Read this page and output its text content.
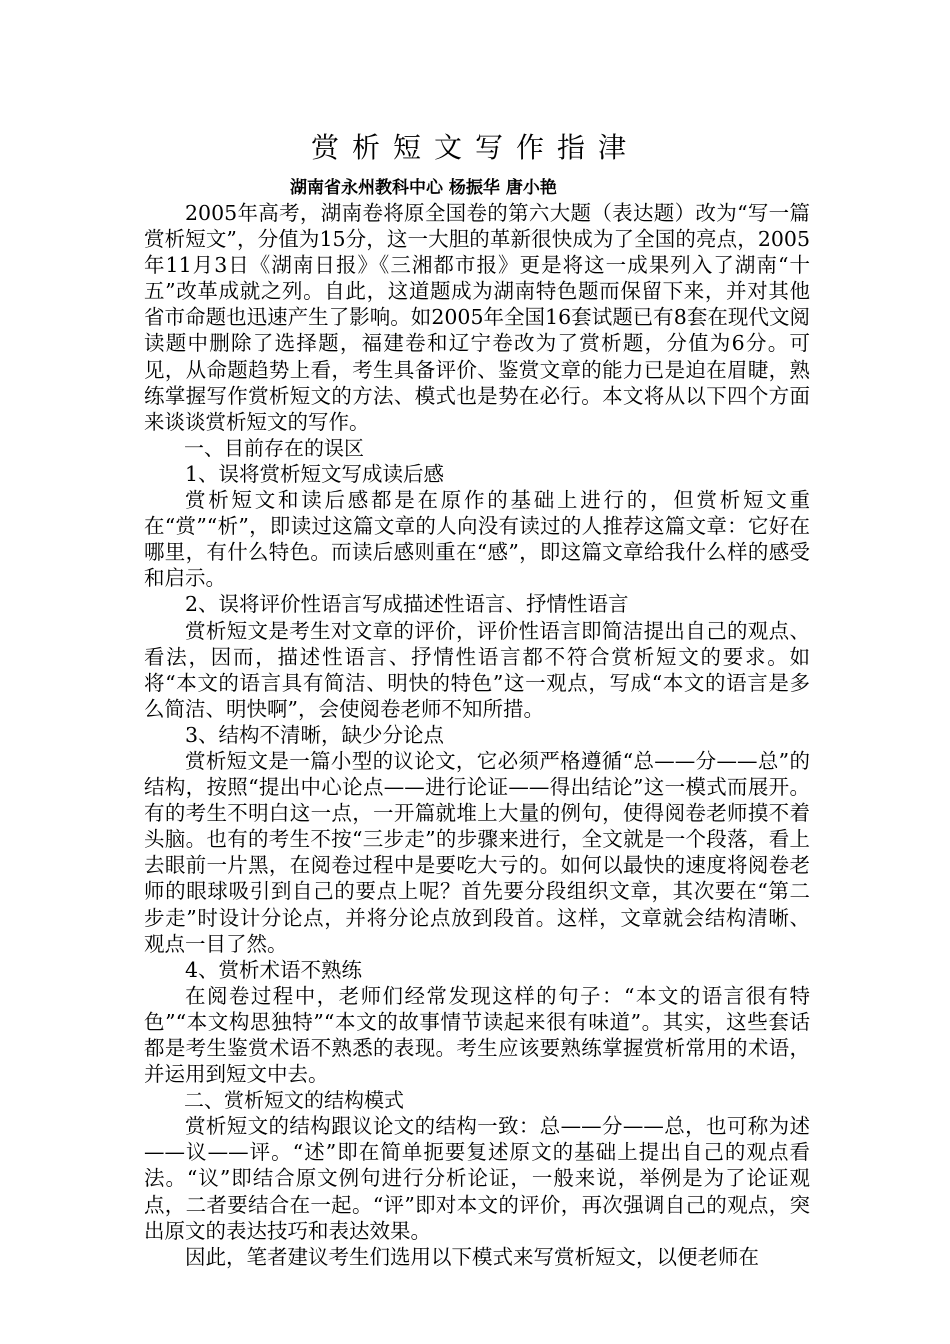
赏析短文写作指津
湖南省永州教科中心 杨振华 唐小艳

2005年高考，湖南卷将原全国卷的第六大题（表达题）改为“写一篇赏析短文”，分值为15分，这一大胆的革新很快成为了全国的亮点，2005年11月3日《湖南日报》《三湘都市报》更是将这一成果列入了湖南“十五”改革成就之列。自此，这道题成为湖南特色题而保留下来，并对其他省市命题也迅速产生了影响。如2005年全国16套试题已有8套在现代文阅读题中删除了选择题，福建卷和辽宁卷改为了赏析题，分值为6分。可见，从命题趋势上看，考生具备评价、鉴赏文章的能力已是迫在眉睫，熟练掌握写作赏析短文的方法、模式也是势在必行。本文将从以下四个方面来谈谈赏析短文的写作。

一、目前存在的误区
1、误将赏析短文写成读后感

赏析短文和读后感都是在原作的基础上进行的，但赏析短文重在“赏”“析”，即读过这篇文章的人向没有读过的人推荐这篇文章：它好在哪里，有什么特色。而读后感则重在“感”，即这篇文章给我什么样的感受和启示。

2、误将评价性语言写成描述性语言、抒情性语言

赏析短文是考生对文章的评价，评价性语言即简洁提出自己的观点、看法，因而，描述性语言、抒情性语言都不符合赏析短文的要求。如将“本文的语言具有简洁、明快的特色”这一观点，写成“本文的语言是多么简洁、明快啊”，会使阅卷老师不知所措。

3、结构不清晰，缺少分论点

赏析短文是一篇小型的议论文，它必须严格遵循“总——分——总”的结构，按照“提出中心论点——进行论证——得出结论”这一模式而展开。有的考生不明白这一点，一开篇就堆上大量的例句，使得阅卷老师摸不着头脑。也有的考生不按“三步走”的步骤来进行，全文就是一个段落，看上去眼前一片黑，在阅卷过程中是要吃大亏的。如何以最快的速度将阅卷老师的眼球吸引到自己的要点上呢？首先要分段组织文章，其次要在“第二步走”时设计分论点，并将分论点放到段首。这样，文章就会结构清晰、观点一目了然。

4、赏析术语不熟练

在阅卷过程中，老师们经常发现这样的句子：“本文的语言很有特色”“本文构思独特”“本文的故事情节读起来很有味道”。其实，这些套话都是考生鉴赏术语不熟悉的表现。考生应该要熟练掌握赏析常用的术语，并运用到短文中去。

二、赏析短文的结构模式

赏析短文的结构跟议论文的结构一致：总——分——总，也可称为述——议——评。“述”即在简单扼要复述原文的基础上提出自己的观点看法。“议”即结合原文例句进行分析论证，一般来说，举例是为了论证观点，二者要结合在一起。“评”即对本文的评价，再次强调自己的观点，突出原文的表达技巧和表达效果。

因此，笔者建议考生们选用以下模式来写赏析短文，以便老师在
